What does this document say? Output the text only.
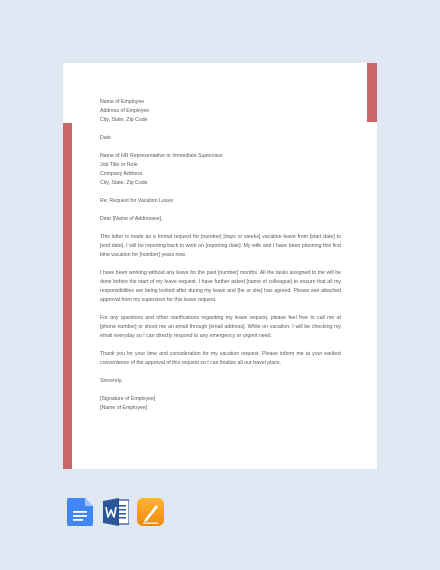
Name of Employee
Address of Employee
City, State, Zip Code

Date

Name of HR Representative or Immediate Supervisor
Job Title or Role
Company Address
City, State, Zip Code

Re: Request for Vacation Leave

Dear [Name of Addressee],

This letter is made as a formal request for [number] [days or weeks] vacation leave from [start date] to [end date]. I will be reporting back to work on [reporting date]. My wife and I have been planning this first time vacation for [number] years now.

I have been working without any leave for the past [number] months. All the tasks assigned to me will be done before the start of my leave request. I have further asked [name of colleague] to ensure that all my responsibilities are being looked after during my leave and [he or she] has agreed. Please see attached approval from my supervisor for this leave request.

For any questions and other clarifications regarding my leave request, please feel free to call me at [phone number] or shoot me an email through [email address]. While on vacation, I will be checking my email everyday so I can directly respond to any emergency or urgent need.

Thank you for your time and consideration for my vacation request. Please inform me at your earliest convenience of the approval of this request so I can finalize all our travel plans.

Sincerely,

[Signature of Employee]
[Name of Employee]
